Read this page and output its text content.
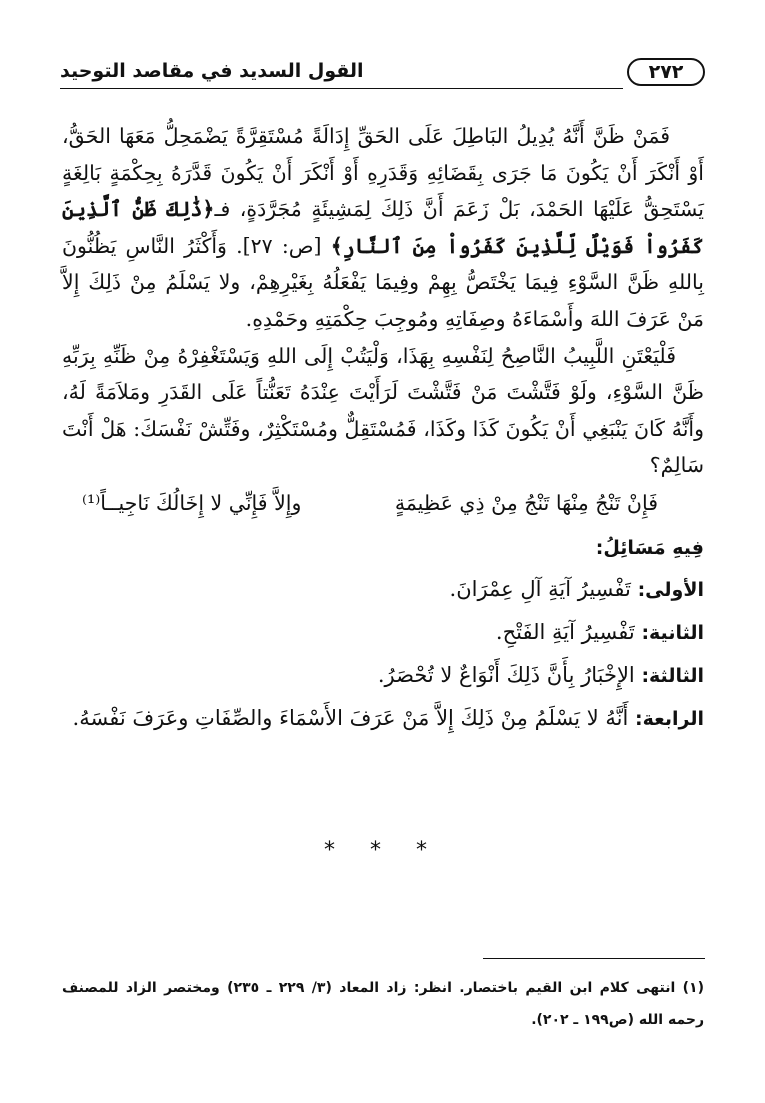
القول السديد في مقاصد التوحيد	٢٧٢

فَمَنْ ظَنَّ أَنَّهُ يُدِيلُ البَاطِلَ عَلَى الحَقِّ إِدَالَةً مُسْتَقِرَّةً يَضْمَحِلُّ مَعَهَا الحَقُّ، أَوْ أَنْكَرَ أَنْ يَكُونَ مَا جَرَى بِقَضَائِهِ وَقَدَرِهِ أَوْ أَنْكَرَ أَنْ يَكُونَ قَدَّرَهُ بِحِكْمَةٍ بَالِغَةٍ يَسْتَحِقُّ عَلَيْهَا الحَمْدَ، بَلْ زَعَمَ أَنَّ ذَلِكَ لِمَشِيئَةٍ مُجَرَّدَةٍ، فـ﴿ذَٰلِكَ ظَنُّ ٱلَّذِينَ كَفَرُواْ فَوَيْلٌ لِّلَّذِينَ كَفَرُواْ مِنَ ٱلنَّارِ﴾ [ص: ٢٧]. وَأَكْثَرُ النَّاسِ يَظُنُّونَ بِاللهِ ظَنَّ السَّوْءِ فِيمَا يَخْتَصُّ بِهِمْ وفِيمَا يَفْعَلُهُ بِغَيْرِهِمْ، ولا يَسْلَمُ مِنْ ذَلِكَ إِلاَّ مَنْ عَرَفَ اللهَ وأَسْمَاءَهُ وصِفَاتِهِ ومُوجِبَ حِكْمَتِهِ وحَمْدِهِ.

فَلْيَعْتَنِ اللَّبِيبُ النَّاصِحُ لِنَفْسِهِ بِهَذَا، وَلْيَتُبْ إِلَى اللهِ وَيَسْتَغْفِرْهُ مِنْ ظَنِّهِ بِرَبِّهِ ظَنَّ السَّوْءِ، ولَوْ فَتَّشْتَ مَنْ فَتَّشْتَ لَرَأَيْتَ عِنْدَهُ تَعَنُّتاً عَلَى القَدَرِ ومَلاَمَةً لَهُ، وأَنَّهُ كَانَ يَنْبَغِي أَنْ يَكُونَ كَذَا وكَذَا، فَمُسْتَقِلٌّ ومُسْتَكْثِرٌ، وفَتِّشْ نَفْسَكَ: هَلْ أَنْتَ سَالِمٌ؟

فَإِنْ تَنْجُ مِنْهَا تَنْجُ مِنْ ذِي عَظِيمَةٍ
وإِلاَّ فَإِنِّي لا إِخَالُكَ نَاجِيــاً⁽¹⁾
فِيهِ مَسَائِلُ:
الأولى: تَفْسِيرُ آيَةِ آلِ عِمْرَانَ.
الثانية: تَفْسِيرُ آيَةِ الفَتْحِ.
الثالثة: الإِخْبَارُ بِأَنَّ ذَلِكَ أَنْوَاعٌ لا تُحْصَرُ.
الرابعة: أَنَّهُ لا يَسْلَمُ مِنْ ذَلِكَ إِلاَّ مَنْ عَرَفَ الأَسْمَاءَ والصِّفَاتِ وعَرَفَ نَفْسَهُ.
* * *
(١) انتهى كلام ابن القيم باختصار. انظر: زاد المعاد (٣/ ٢٢٩ ـ ٢٣٥) ومختصر الزاد للمصنف رحمه الله (ص١٩٩ ـ ٢٠٢).
